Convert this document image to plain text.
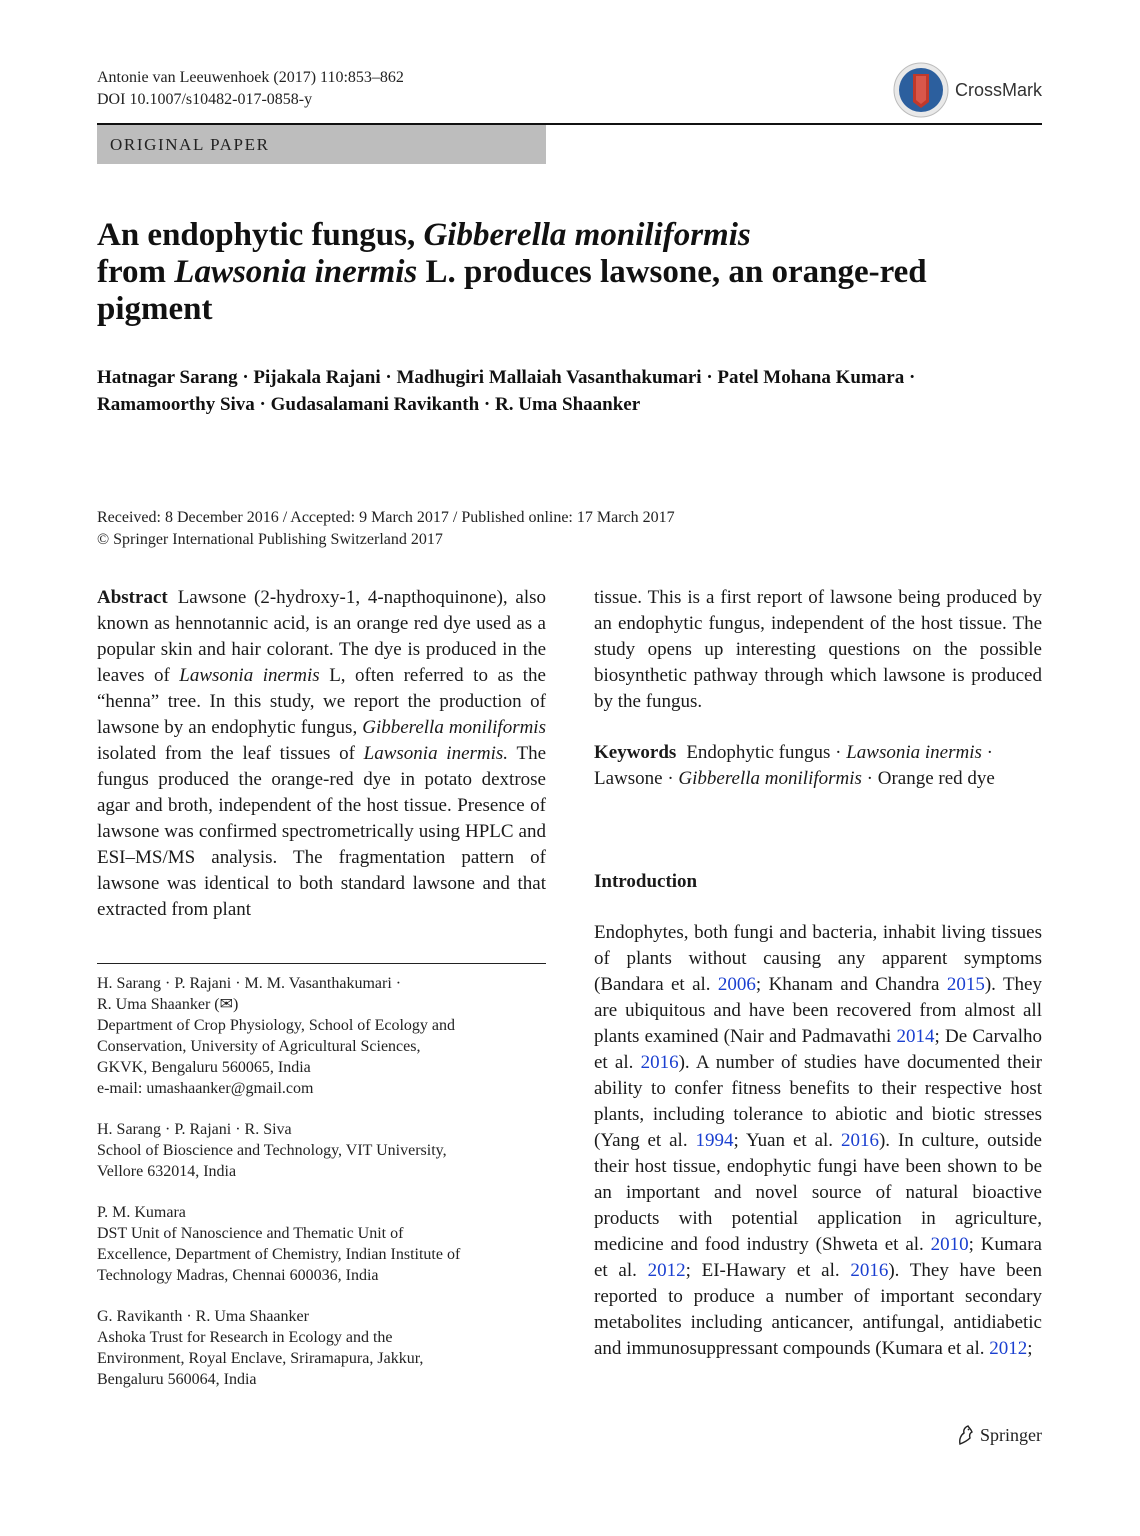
Antonie van Leeuwenhoek (2017) 110:853–862
DOI 10.1007/s10482-017-0858-y	CrossMark
ORIGINAL PAPER
An endophytic fungus, Gibberella moniliformis
from Lawsonia inermis L. produces lawsone, an orange-red pigment
Hatnagar Sarang · Pijakala Rajani · Madhugiri Mallaiah Vasanthakumari · Patel Mohana Kumara ·
Ramamoorthy Siva · Gudasalamani Ravikanth · R. Uma Shaanker
Received: 8 December 2016 / Accepted: 9 March 2017 / Published online: 17 March 2017
© Springer International Publishing Switzerland 2017

Abstract Lawsone (2-hydroxy-1, 4-napthoquinone), also known as hennotannic acid, is an orange red dye used as a popular skin and hair colorant. The dye is produced in the leaves of Lawsonia inermis L, often referred to as the “henna” tree. In this study, we report the production of lawsone by an endophytic fungus, Gibberella moniliformis isolated from the leaf tissues of Lawsonia inermis. The fungus produced the orange-red dye in potato dextrose agar and broth, independent of the host tissue. Presence of lawsone was confirmed spectrometrically using HPLC and ESI–MS/MS analysis. The fragmentation pattern of lawsone was identical to both standard lawsone and that extracted from plant

H. Sarang · P. Rajani · M. M. Vasanthakumari ·
R. Uma Shaanker (✉)
Department of Crop Physiology, School of Ecology and
Conservation, University of Agricultural Sciences,
GKVK, Bengaluru 560065, India
e-mail: umashaanker@gmail.com
H. Sarang · P. Rajani · R. Siva
School of Bioscience and Technology, VIT University,
Vellore 632014, India
P. M. Kumara
DST Unit of Nanoscience and Thematic Unit of
Excellence, Department of Chemistry, Indian Institute of
Technology Madras, Chennai 600036, India
G. Ravikanth · R. Uma Shaanker
Ashoka Trust for Research in Ecology and the
Environment, Royal Enclave, Sriramapura, Jakkur,
Bengaluru 560064, India

tissue. This is a first report of lawsone being produced by an endophytic fungus, independent of the host tissue. The study opens up interesting questions on the possible biosynthetic pathway through which lawsone is produced by the fungus.

Keywords Endophytic fungus · Lawsonia inermis · Lawsone · Gibberella moniliformis · Orange red dye

Introduction

Endophytes, both fungi and bacteria, inhabit living tissues of plants without causing any apparent symptoms (Bandara et al. 2006; Khanam and Chandra 2015). They are ubiquitous and have been recovered from almost all plants examined (Nair and Padmavathi 2014; De Carvalho et al. 2016). A number of studies have documented their ability to confer fitness benefits to their respective host plants, including tolerance to abiotic and biotic stresses (Yang et al. 1994; Yuan et al. 2016). In culture, outside their host tissue, endophytic fungi have been shown to be an important and novel source of natural bioactive products with potential application in agriculture, medicine and food industry (Shweta et al. 2010; Kumara et al. 2012; EI-Hawary et al. 2016). They have been reported to produce a number of important secondary metabolites including anticancer, antifungal, antidiabetic and immunosuppressant compounds (Kumara et al. 2012;

Springer
